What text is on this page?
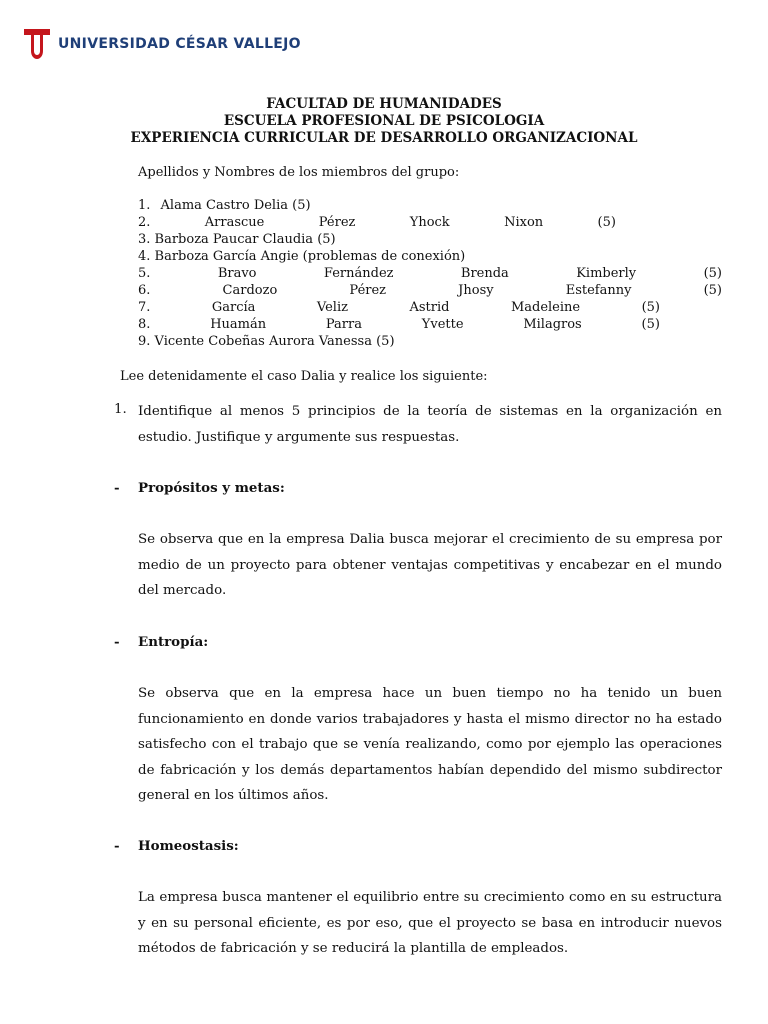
UNIVERSIDAD CÉSAR VALLEJO
FACULTAD DE HUMANIDADES
ESCUELA PROFESIONAL DE PSICOLOGIA
EXPERIENCIA CURRICULAR DE DESARROLLO ORGANIZACIONAL
Apellidos y Nombres de los miembros del grupo:
1. Alama Castro Delia (5)
2.	Arrascue	Pérez	Yhock	Nixon	(5)
3. Barboza Paucar Claudia (5)
4. Barboza García Angie (problemas de conexión)
5.	Bravo	Fernández	Brenda	Kimberly	(5)
6.	Cardozo	Pérez	Jhosy	Estefanny	(5)
7.	García	Veliz	Astrid	Madeleine	(5)
8.	Huamán	Parra	Yvette	Milagros	(5)
9. Vicente Cobeñas Aurora Vanessa (5)
Lee detenidamente el caso Dalia y realice los siguiente:
1. Identifique al menos 5 principios de la teoría de sistemas en la organización en estudio. Justifique y argumente sus respuestas.
- Propósitos y metas:
Se observa que en la empresa Dalia busca mejorar el crecimiento de su empresa por medio de un proyecto para obtener ventajas competitivas y encabezar en el mundo del mercado.
- Entropía:
Se observa que en la empresa hace un buen tiempo no ha tenido un buen funcionamiento en donde varios trabajadores y hasta el mismo director no ha estado satisfecho con el trabajo que se venía realizando, como por ejemplo las operaciones de fabricación y los demás departamentos habían dependido del mismo subdirector general en los últimos años.
- Homeostasis:
La empresa busca mantener el equilibrio entre su crecimiento como en su estructura y en su personal eficiente, es por eso, que el proyecto se basa en introducir nuevos métodos de fabricación y se reducirá la plantilla de empleados.
